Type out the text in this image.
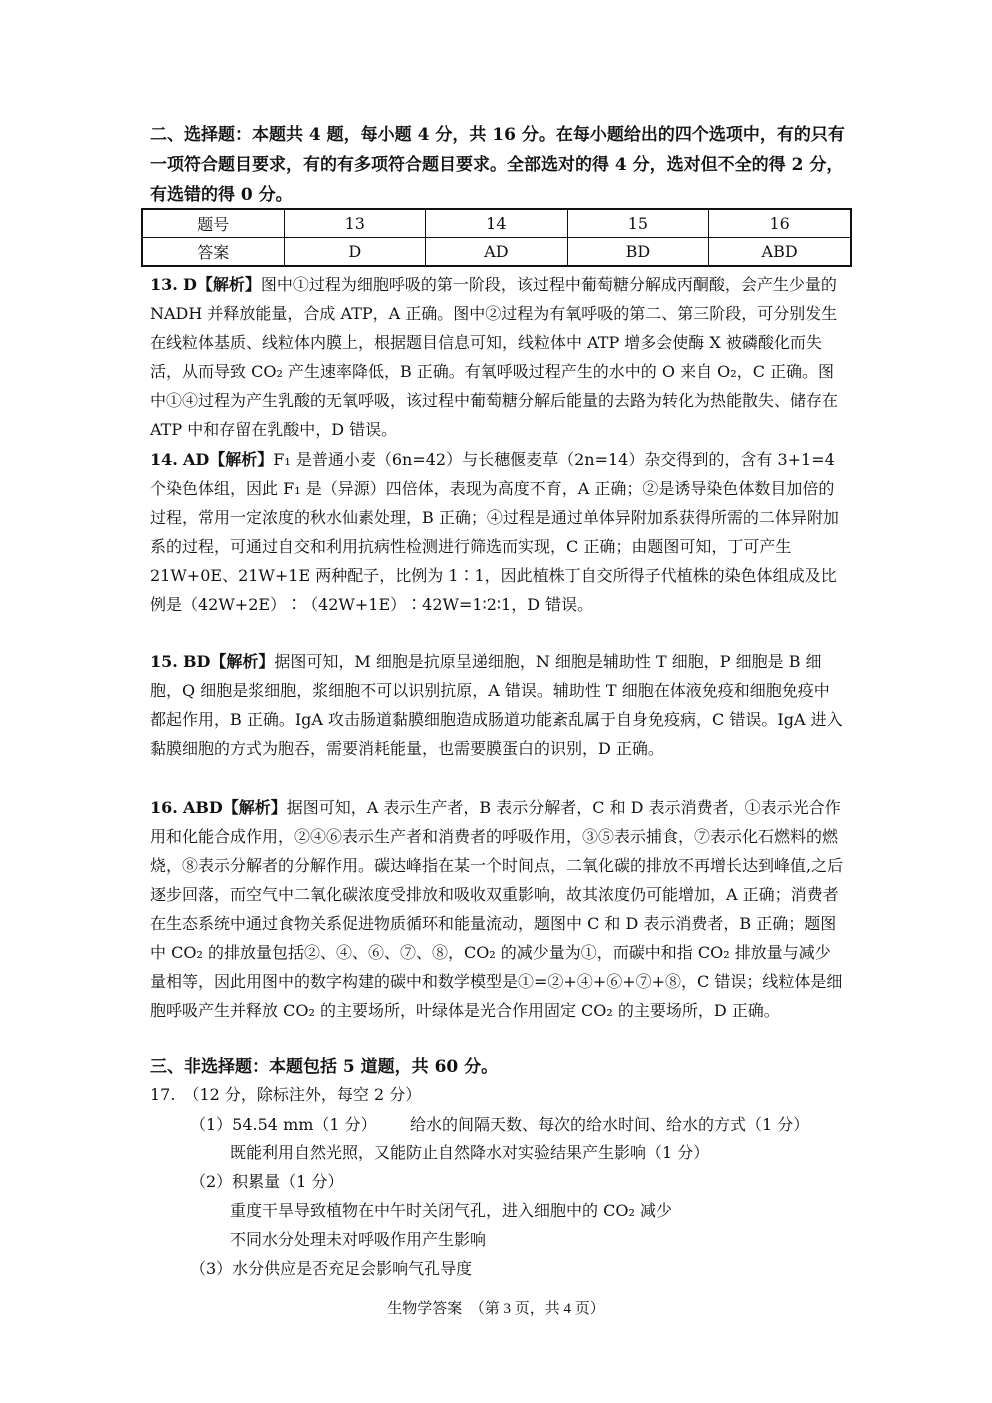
二、选择题：本题共 4 题，每小题 4 分，共 16 分。在每小题给出的四个选项中，有的只有一项符合题目要求，有的有多项符合题目要求。全部选对的得 4 分，选对但不全的得 2 分，有选错的得 0 分。

题号	13	14	15	16
答案	D	AD	BD	ABD
13. D【解析】图中①过程为细胞呼吸的第一阶段，该过程中葡萄糖分解成丙酮酸，会产生少量的 NADH 并释放能量，合成 ATP，A 正确。图中②过程为有氧呼吸的第二、第三阶段，可分别发生在线粒体基质、线粒体内膜上，根据题目信息可知，线粒体中 ATP 增多会使酶 X 被磷酸化而失活，从而导致 CO₂ 产生速率降低，B 正确。有氧呼吸过程产生的水中的 O 来自 O₂，C 正确。图中①④过程为产生乳酸的无氧呼吸，该过程中葡萄糖分解后能量的去路为转化为热能散失、储存在 ATP 中和存留在乳酸中，D 错误。
14. AD【解析】F₁ 是普通小麦（6n=42）与长穗偃麦草（2n=14）杂交得到的，含有 3+1=4 个染色体组，因此 F₁ 是（异源）四倍体，表现为高度不育，A 正确；②是诱导染色体数目加倍的过程，常用一定浓度的秋水仙素处理，B 正确；④过程是通过单体异附加系获得所需的二体异附加系的过程，可通过自交和利用抗病性检测进行筛选而实现，C 正确；由题图可知，丁可产生 21W+0E、21W+1E 两种配子，比例为 1∶1，因此植株丁自交所得子代植株的染色体组成及比例是（42W+2E）∶（42W+1E）∶42W=1∶2∶1，D 错误。
15. BD【解析】据图可知，M 细胞是抗原呈递细胞，N 细胞是辅助性 T 细胞，P 细胞是 B 细胞，Q 细胞是浆细胞，浆细胞不可以识别抗原，A 错误。辅助性 T 细胞在体液免疫和细胞免疫中都起作用，B 正确。IgA 攻击肠道黏膜细胞造成肠道功能紊乱属于自身免疫病，C 错误。IgA 进入黏膜细胞的方式为胞吞，需要消耗能量，也需要膜蛋白的识别，D 正确。
16. ABD【解析】据图可知，A 表示生产者，B 表示分解者，C 和 D 表示消费者，①表示光合作用和化能合成作用，②④⑥表示生产者和消费者的呼吸作用，③⑤表示捕食，⑦表示化石燃料的燃烧，⑧表示分解者的分解作用。碳达峰指在某一个时间点，二氧化碳的排放不再增长达到峰值,之后逐步回落，而空气中二氧化碳浓度受排放和吸收双重影响，故其浓度仍可能增加，A 正确；消费者在生态系统中通过食物关系促进物质循环和能量流动，题图中 C 和 D 表示消费者，B 正确；题图中 CO₂ 的排放量包括②、④、⑥、⑦、⑧，CO₂ 的减少量为①，而碳中和指 CO₂ 排放量与减少量相等，因此用图中的数字构建的碳中和数学模型是①=②+④+⑥+⑦+⑧，C 错误；线粒体是细胞呼吸产生并释放 CO₂ 的主要场所，叶绿体是光合作用固定 CO₂ 的主要场所，D 正确。

三、非选择题：本题包括 5 道题，共 60 分。

17.　（12 分，除标注外，每空 2 分）
（1）54.54 mm（1 分） 给水的间隔天数、每次的给水时间、给水的方式（1 分）
既能利用自然光照，又能防止自然降水对实验结果产生影响（1 分）
（2）积累量（1 分）
重度干旱导致植物在中午时关闭气孔，进入细胞中的 CO₂ 减少
不同水分处理未对呼吸作用产生影响
（3）水分供应是否充足会影响气孔导度
生物学答案　（第 3 页，共 4 页）
